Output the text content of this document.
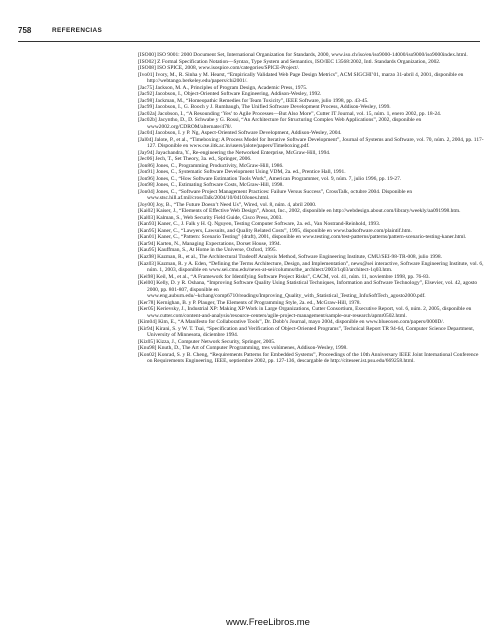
758	REFERENCIAS
[ISO00] ISO 9001: 2000 Document Set, International Organization for Standards, 2000, www.iso.ch/iso/en/iso9000-14000/iso9000/iso9000index.html.
[ISO02] Z Formal Specification Notation—Syntax, Type System and Semantics, ISO/IEC 13568:2002, Intl. Standards Organization, 2002.
[ISO08] ISO SPICE, 2008, www.isospice.com/categories/SPICE-Project/.
[Ivo01] Ivory, M., R. Sinha y M. Hearst, “Empirically Validated Web Page Design Metrics”, ACM SIGCHI’01, marzo 31-abril 4, 2001, disponible en http://webtango.berkeley.edu/papers/chi2001/.
[Jac75] Jackson, M. A., Principles of Program Design, Academic Press, 1975.
[Jac92] Jacobson, I., Object-Oriented Software Engineering, Addison-Wesley, 1992.
[Jac98] Jackman, M., “Homeopathic Remedies for Team Toxicity”, IEEE Software, julio 1998, pp. 43-45.
[Jac99] Jacobson, I., G. Booch y J. Rumbaugh, The Unified Software Development Process, Addison-Wesley, 1999.
[Jac02a] Jacobson, I., “A Resounding ‘Yes’ to Agile Processes—But Also More”, Cutter IT Journal, vol. 15, núm. 1, enero 2002, pp. 18-24.
[Jac02b] Jacyntho, D., D. Schwabe y G. Rossi, “An Architecture for Structuring Complex Web Applications”, 2002, disponible en www2002.org/CDROM/alternate/478/.
[Jac04] Jacobson, I. y P. Ng, Aspect-Oriented Software Development, Addison-Wesley, 2004.
[Jal04] Jalote, P., et al., “Timeboxing: A Process Model for Iterative Software Development”, Journal of Systems and Software, vol. 70, núm. 2, 2004, pp. 117-127. Disponible en www.cse.iitk.ac.in/users/jalote/papers/Timeboxing.pdf.
[Jay94] Jayachandra, Y., Re-engineering the Networked Enterprise, McGraw-Hill, 1994.
[Jec06] Jech, T., Set Theory, 3a. ed., Springer, 2006.
[Jon86] Jones, C., Programming Productivity, McGraw-Hill, 1986.
[Jon91] Jones, C., Systematic Software Development Using VDM, 2a. ed., Prentice Hall, 1991.
[Jon96] Jones, C., “How Software Estimation Tools Work”, American Programmer, vol. 9, núm. 7, julio 1996, pp. 19-27.
[Jon98] Jones, C., Estimating Software Costs, McGraw-Hill, 1998.
[Jon04] Jones, C., “Software Project Management Practices: Failure Versus Success”, CrossTalk, octubre 2004. Disponible en www.stsc.hill.af.mil/crossTalk/2004/10/0410Jones.html.
[Joy00] Joy, B., “The Future Doesn’t Need Us”, Wired, vol. 8, núm. 4, abril 2000.
[Kai02] Kaiser, J., “Elements of Effective Web Design”, About, Inc., 2002, disponible en http://webdesign.about.com/library/weekly/aa091998.htm.
[Kal03] Kalman, S., Web Security Field Guide, Cisco Press, 2003.
[Kan93] Kaner, C., J. Falk y H. Q. Nguyen, Testing Computer Software, 2a. ed., Van Nostrand-Reinhold, 1993.
[Kan95] Kaner, C., “Lawyers, Lawsuits, and Quality Related Costs”, 1995, disponible en www.badsoftware.com/plaintif.htm.
[Kan01] Kaner, C., “Pattern: Scenario Testing” (draft), 2001, disponible en www.testing.com/test-patterns/patterns/pattern-scenario-testing-kaner.html.
[Kar94] Karten, N., Managing Expectations, Dorset House, 1994.
[Kau95] Kauffman, S., At Home in the Universe, Oxford, 1995.
[Kaz98] Kazman, R., et al., The Architectural Tradeoff Analysis Method, Software Engineering Institute, CMU/SEI-98-TR-008, julio 1998.
[Kaz03] Kazman, R. y A. Eden, “Defining the Terms Architecture, Design, and Implementation”, news@sei interactive, Software Engineering Institute, vol. 6, núm. 1, 2003, disponible en www.sei.cmu.edu/news-at-sei/columns/the_architect/2003/1q03/architect-1q03.htm.
[Kei98] Keil, M., et al., “A Framework for Identifying Software Project Risks”, CACM, vol. 41, núm. 11, noviembre 1998, pp. 76-83.
[Kel00] Kelly, D. y R. Oshana, “Improving Software Quality Using Statistical Techniques, Information and Software Technology”, Elsevier, vol. 42, agosto 2000, pp. 801-807, disponible en www.eng.auburn.edu/~kchang/comp6710/readings/Improving_Quality_with_Statistical_Testing_InfoSoftTech_agosto2000.pdf.
[Ker78] Kernighan, B. y P. Plauger, The Elements of Programming Style, 2a. ed., McGraw-Hill, 1978.
[Ker05] Kerievsky, J., Industrial XP: Making XP Work in Large Organizations, Cutter Consortium, Executive Report, vol. 6, núm. 2, 2005, disponible en www.cutter.com/content-and-analysis/resource-centers/agile-project-management/sample-our-research/apmr0502.html.
[Kim04] Kim, E., “A Manifesto for Collaborative Tools”, Dr. Dobb’s Journal, mayo 2004, disponible en www.blueoxen.com/papers/0000D/.
[Kir94] Kirani, S. y W. T. Tsai, “Specification and Verification of Object-Oriented Programs”, Technical Report TR 94-64, Computer Science Department, University of Minnesota, diciembre 1994.
[Kiz05] Kizza, J., Computer Network Security, Springer, 2005.
[Knu98] Knuth, D., The Art of Computer Programming, tres volúmenes, Addison-Wesley, 1998.
[Kon02] Konrad, S. y B. Cheng, “Requirements Patterns for Embedded Systems”, Proceedings of the 10th Anniversary IEEE Joint International Conference on Requirements Engineering, IEEE, septiembre 2002, pp. 127-136, descargable de http://citeseer.ist.psu.edu/669258.html.
www.FreeLibros.me
